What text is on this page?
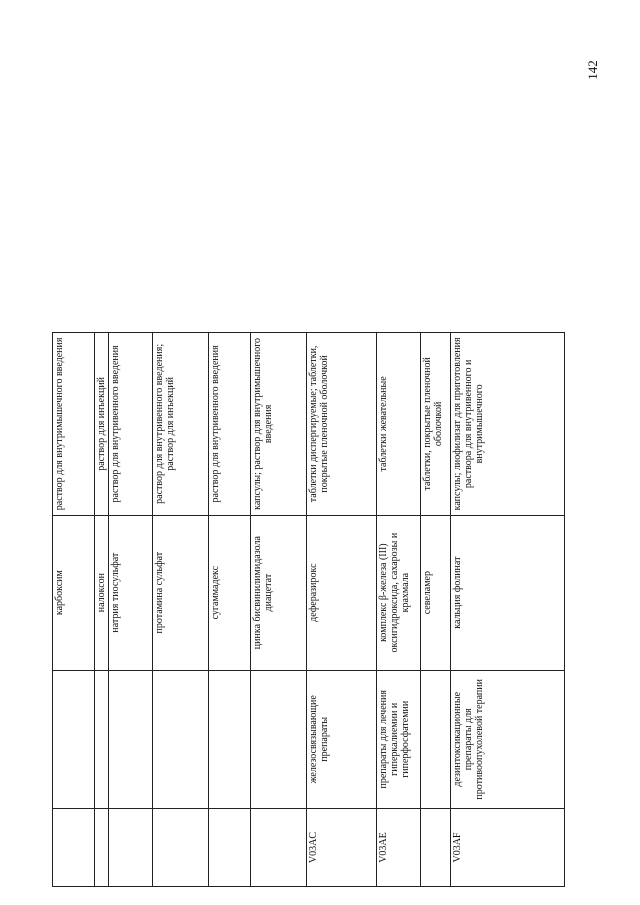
142
		карбоксим	раствор для внутримышечного введения
		налоксон	раствор для инъекций
		натрия тиосульфат	раствор для внутривенного введения
		протамина сульфат	раствор для внутривенного введения; раствор для инъекций
		сугаммадекс	раствор для внутривенного введения
		цинка бисвинилимидазола диацетат	капсулы; раствор для внутримышечного введения
V03AC	железосвязывающие препараты	деферазирокс	таблетки диспергируемые; таблетки, покрытые пленочной оболочкой
V03AE	препараты для лечения гиперкалиемии и гиперфосфатемии	комплекс β-железа (III) оксигидроксида, сахарозы и крахмала	таблетки жевательные
		севеламер	таблетки, покрытые пленочной оболочкой
V03AF	дезинтоксикационные препараты для противоопухолевой терапии	кальция фолинат	капсулы; лиофилизат для приготовления раствора для внутривенного и внутримышечного
